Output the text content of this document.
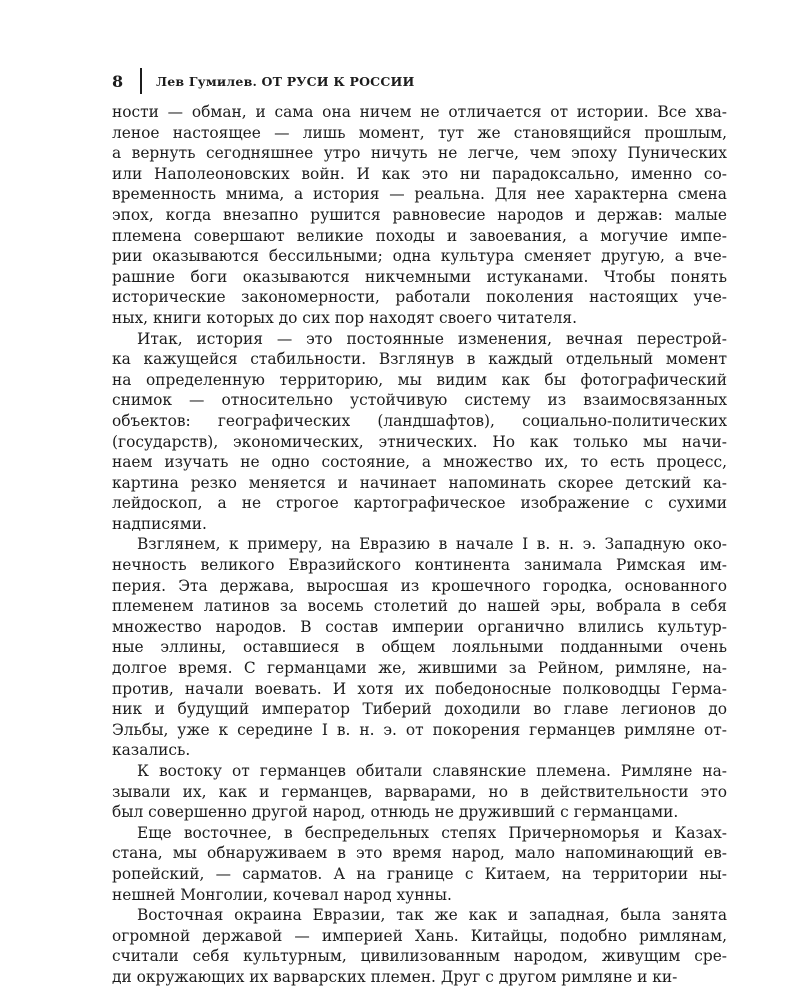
8	Лев Гумилев. ОТ РУСИ К РОССИИ

ности — обман, и сама она ничем не отличается от истории. Все хва-
леное настоящее — лишь момент, тут же становящийся прошлым,
а вернуть сегодняшнее утро ничуть не легче, чем эпоху Пунических
или Наполеоновских войн. И как это ни парадоксально, именно со-
временность мнима, а история — реальна. Для нее характерна смена
эпох, когда внезапно рушится равновесие народов и держав: малые
племена совершают великие походы и завоевания, а могучие импе-
рии оказываются бессильными; одна культура сменяет другую, а вче-
рашние боги оказываются никчемными истуканами. Чтобы понять
исторические закономерности, работали поколения настоящих уче-
ных, книги которых до сих пор находят своего читателя.

Итак, история — это постоянные изменения, вечная перестрой-
ка кажущейся стабильности. Взглянув в каждый отдельный момент
на определенную территорию, мы видим как бы фотографический
снимок — относительно устойчивую систему из взаимосвязанных
объектов: географических (ландшафтов), социально-политических
(государств), экономических, этнических. Но как только мы начи-
наем изучать не одно состояние, а множество их, то есть процесс,
картина резко меняется и начинает напоминать скорее детский ка-
лейдоскоп, а не строгое картографическое изображение с сухими
надписями.

Взглянем, к примеру, на Евразию в начале I в. н. э. Западную око-
нечность великого Евразийского континента занимала Римская им-
перия. Эта держава, выросшая из крошечного городка, основанного
племенем латинов за восемь столетий до нашей эры, вобрала в себя
множество народов. В состав империи органично влились культур-
ные эллины, оставшиеся в общем лояльными подданными очень
долгое время. С германцами же, жившими за Рейном, римляне, на-
против, начали воевать. И хотя их победоносные полководцы Герма-
ник и будущий император Тиберий доходили во главе легионов до
Эльбы, уже к середине I в. н. э. от покорения германцев римляне от-
казались.

К востоку от германцев обитали славянские племена. Римляне на-
зывали их, как и германцев, варварами, но в действительности это
был совершенно другой народ, отнюдь не друживший с германцами.

Еще восточнее, в беспредельных степях Причерноморья и Казах-
стана, мы обнаруживаем в это время народ, мало напоминающий ев-
ропейский, — сарматов. А на границе с Китаем, на территории ны-
нешней Монголии, кочевал народ хунны.

Восточная окраина Евразии, так же как и западная, была занята
огромной державой — империей Хань. Китайцы, подобно римлянам,
считали себя культурным, цивилизованным народом, живущим сре-
ди окружающих их варварских племен. Друг с другом римляне и ки-
